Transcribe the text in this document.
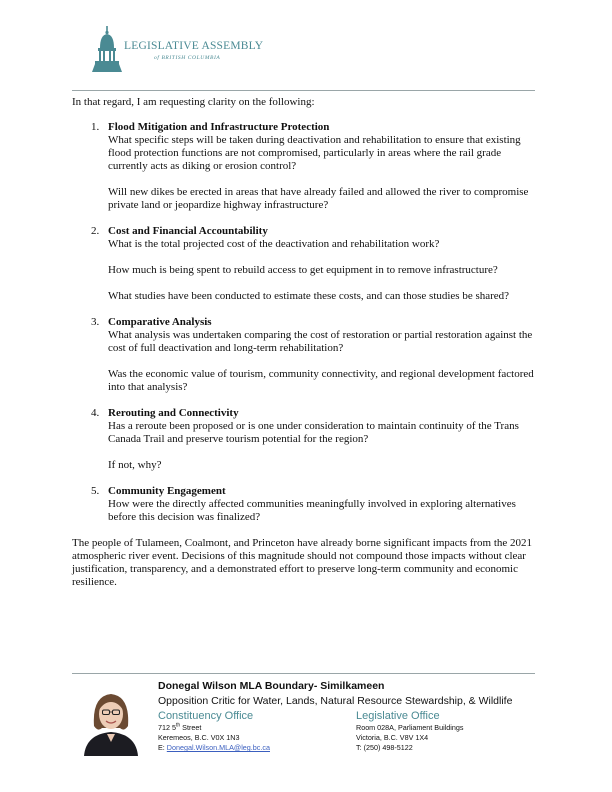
LEGISLATIVE ASSEMBLY
of BRITISH COLUMBIA

In that regard, I am requesting clarity on the following:

1. Flood Mitigation and Infrastructure Protection

What specific steps will be taken during deactivation and rehabilitation to ensure that existing flood protection functions are not compromised, particularly in areas where the rail grade currently acts as diking or erosion control?

Will new dikes be erected in areas that have already failed and allowed the river to compromise private land or jeopardize highway infrastructure?

2. Cost and Financial Accountability

What is the total projected cost of the deactivation and rehabilitation work?

How much is being spent to rebuild access to get equipment in to remove infrastructure?

What studies have been conducted to estimate these costs, and can those studies be shared?

3. Comparative Analysis

What analysis was undertaken comparing the cost of restoration or partial restoration against the cost of full deactivation and long-term rehabilitation?

Was the economic value of tourism, community connectivity, and regional development factored into that analysis?

4. Rerouting and Connectivity

Has a reroute been proposed or is one under consideration to maintain continuity of the Trans Canada Trail and preserve tourism potential for the region?

If not, why?

5. Community Engagement

How were the directly affected communities meaningfully involved in exploring alternatives before this decision was finalized?

The people of Tulameen, Coalmont, and Princeton have already borne significant impacts from the 2021 atmospheric river event. Decisions of this magnitude should not compound those impacts without clear justification, transparency, and a demonstrated effort to preserve long-term community and economic resilience.

Donegal Wilson MLA Boundary- Similkameen
Opposition Critic for Water, Lands, Natural Resource Stewardship, & Wildlife
Constituency Office
712 5th Street
Keremeos, B.C. V0X 1N3
E: Donegal.Wilson.MLA@leg.bc.ca
Legislative Office
Room 028A, Parliament Buildings
Victoria, B.C. V8V 1X4
T: (250) 498-5122
